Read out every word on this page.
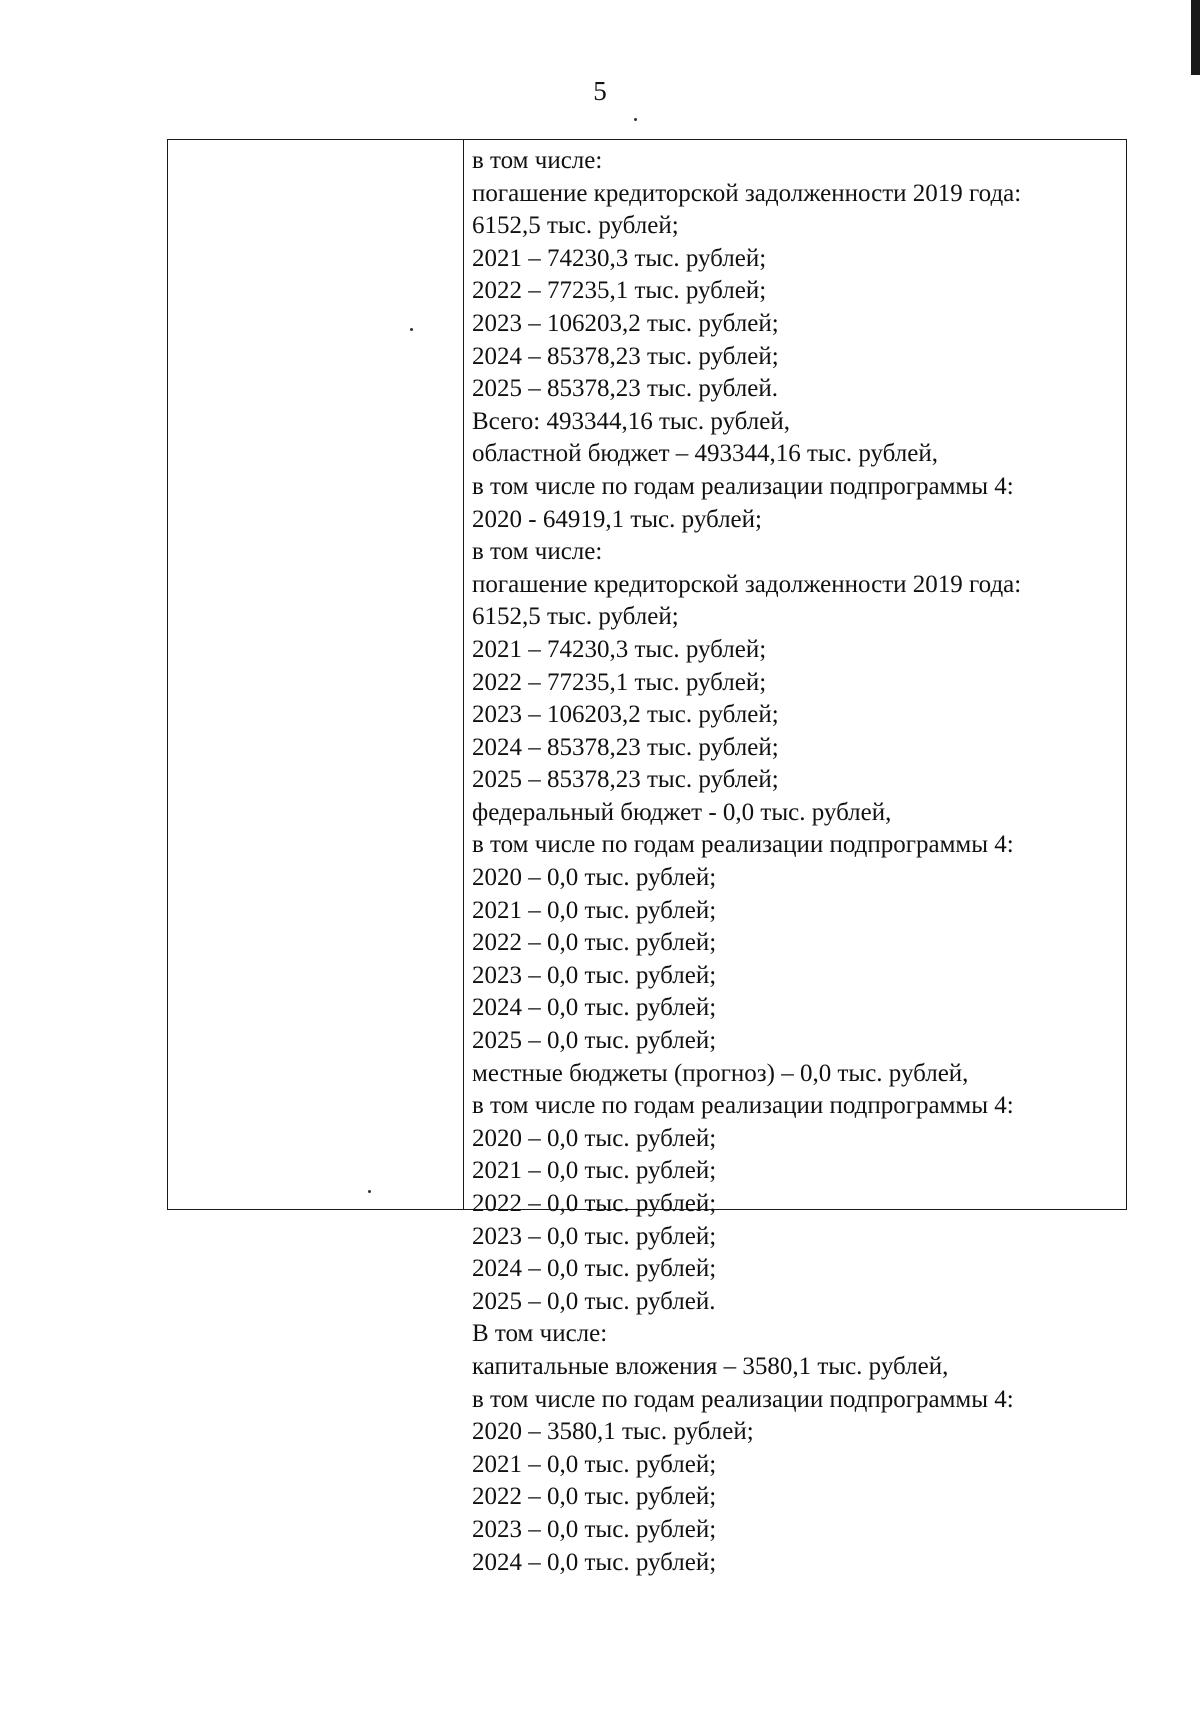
5
в том числе:
погашение кредиторской задолженности 2019 года:
6152,5 тыс. рублей;
2021 – 74230,3 тыс. рублей;
2022 – 77235,1 тыс. рублей;
2023 – 106203,2 тыс. рублей;
2024 – 85378,23 тыс. рублей;
2025 – 85378,23 тыс. рублей.
Всего: 493344,16 тыс. рублей,
областной бюджет – 493344,16 тыс. рублей,
в том числе по годам реализации подпрограммы 4:
2020 - 64919,1 тыс. рублей;
в том числе:
погашение кредиторской задолженности 2019 года:
6152,5 тыс. рублей;
2021 – 74230,3 тыс. рублей;
2022 – 77235,1 тыс. рублей;
2023 – 106203,2 тыс. рублей;
2024 – 85378,23 тыс. рублей;
2025 – 85378,23 тыс. рублей;
федеральный бюджет - 0,0 тыс. рублей,
в том числе по годам реализации подпрограммы 4:
2020 – 0,0 тыс. рублей;
2021 – 0,0 тыс. рублей;
2022 – 0,0 тыс. рублей;
2023 – 0,0 тыс. рублей;
2024 – 0,0 тыс. рублей;
2025 – 0,0 тыс. рублей;
местные бюджеты (прогноз) – 0,0 тыс. рублей,
в том числе по годам реализации подпрограммы 4:
2020 – 0,0 тыс. рублей;
2021 – 0,0 тыс. рублей;
2022 – 0,0 тыс. рублей;
2023 – 0,0 тыс. рублей;
2024 – 0,0 тыс. рублей;
2025 – 0,0 тыс. рублей.
В том числе:
капитальные вложения – 3580,1 тыс. рублей,
в том числе по годам реализации подпрограммы 4:
2020 – 3580,1 тыс. рублей;
2021 – 0,0 тыс. рублей;
2022 – 0,0 тыс. рублей;
2023 – 0,0 тыс. рублей;
2024 – 0,0 тыс. рублей;
